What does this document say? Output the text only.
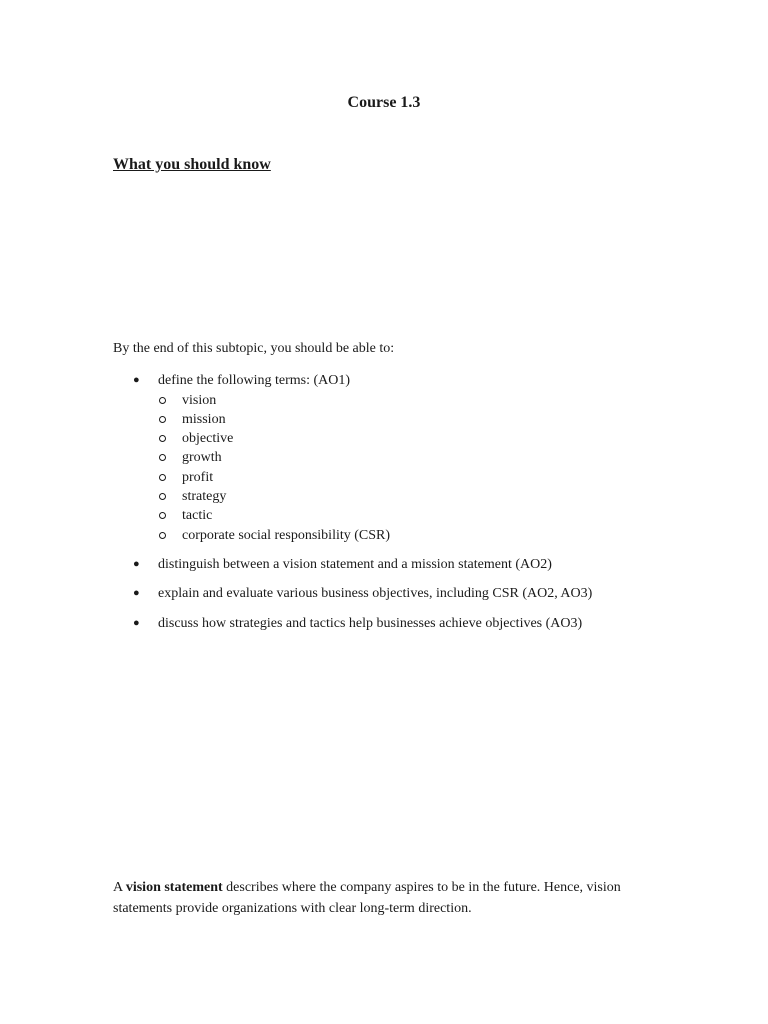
Course 1.3
What you should know
By the end of this subtopic, you should be able to:
● define the following terms: (AO1)
vision
mission
objective
growth
profit
strategy
tactic
corporate social responsibility (CSR)
● distinguish between a vision statement and a mission statement (AO2)
● explain and evaluate various business objectives, including CSR (AO2, AO3)
● discuss how strategies and tactics help businesses achieve objectives (AO3)

A vision statement describes where the company aspires to be in the future. Hence, vision statements provide organizations with clear long-term direction.
